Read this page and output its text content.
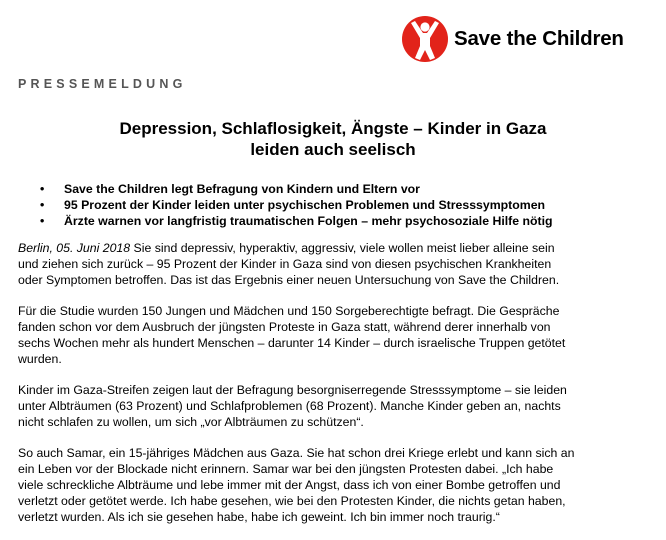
Save the Children
PRESSEMELDUNG
Depression, Schlaflosigkeit, Ängste – Kinder in Gaza
leiden auch seelisch
• Save the Children legt Befragung von Kindern und Eltern vor
• 95 Prozent der Kinder leiden unter psychischen Problemen und Stresssymptomen
• Ärzte warnen vor langfristig traumatischen Folgen – mehr psychosoziale Hilfe nötig

Berlin, 05. Juni 2018 Sie sind depressiv, hyperaktiv, aggressiv, viele wollen meist lieber alleine sein
und ziehen sich zurück – 95 Prozent der Kinder in Gaza sind von diesen psychischen Krankheiten
oder Symptomen betroffen. Das ist das Ergebnis einer neuen Untersuchung von Save the Children.

Für die Studie wurden 150 Jungen und Mädchen und 150 Sorgeberechtigte befragt. Die Gespräche
fanden schon vor dem Ausbruch der jüngsten Proteste in Gaza statt, während derer innerhalb von
sechs Wochen mehr als hundert Menschen – darunter 14 Kinder – durch israelische Truppen getötet
wurden.

Kinder im Gaza-Streifen zeigen laut der Befragung besorgniserregende Stresssymptome – sie leiden
unter Albträumen (63 Prozent) und Schlafproblemen (68 Prozent). Manche Kinder geben an, nachts
nicht schlafen zu wollen, um sich „vor Albträumen zu schützen“.

So auch Samar, ein 15-jähriges Mädchen aus Gaza. Sie hat schon drei Kriege erlebt und kann sich an
ein Leben vor der Blockade nicht erinnern. Samar war bei den jüngsten Protesten dabei. „Ich habe
viele schreckliche Albträume und lebe immer mit der Angst, dass ich von einer Bombe getroffen und
verletzt oder getötet werde. Ich habe gesehen, wie bei den Protesten Kinder, die nichts getan haben,
verletzt wurden. Als ich sie gesehen habe, habe ich geweint. Ich bin immer noch traurig.“
